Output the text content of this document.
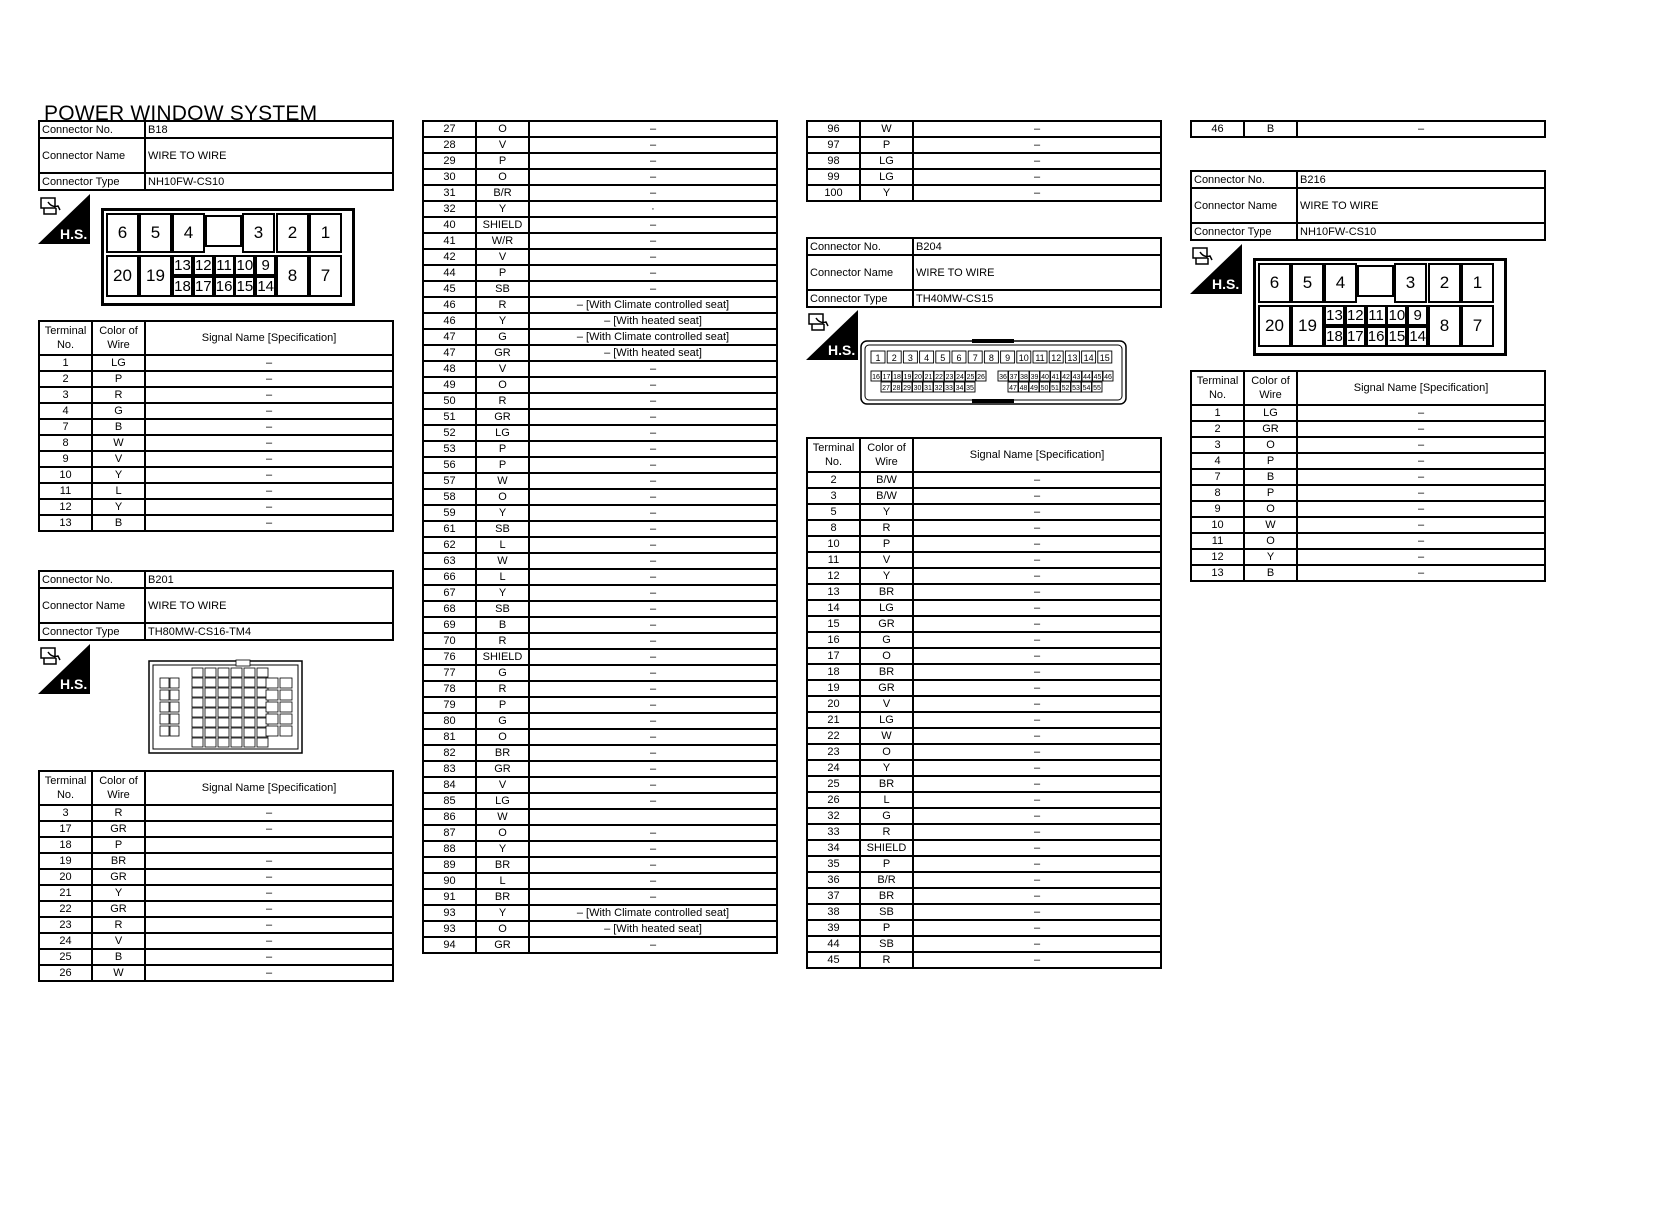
POWER WINDOW SYSTEM
Connector No.	B18
Connector Name	WIRE TO WIRE
Connector Type	NH10FW-CS10
H.S.	6	5	4	3	2	1
20 19	8	7
13
18
12
17
11
16
10
15
9
14
Terminal No.	Color of Wire	Signal Name [Specification]
1	LG	–
2	P	–
3	R	–
4	G	–
7	B	–
8	W	–
9	V	–
10	Y	–
11	L	–
12	Y	–
13	B	–
Connector No.	B201
Connector Name	WIRE TO WIRE
Connector Type	TH80MW-CS16-TM4
H.S.
Terminal No.	Color of Wire	Signal Name [Specification]
3	R	–
17	GR	–
18	P	
19	BR	–
20	GR	–
21	Y	–
22	GR	–
23	R	–
24	V	–
25	B	–
26	W	–
27	O	–
28	V	–
29	P	–
30	O	–
31	B/R	–
32	Y	·
40	SHIELD	–
41	W/R	–
42	V	–
44	P	–
45	SB	–
46	R	– [With Climate controlled seat]
46	Y	– [With heated seat]
47	G	– [With Climate controlled seat]
47	GR	– [With heated seat]
48	V	–
49	O	–
50	R	–
51	GR	–
52	LG	–
53	P	–
56	P	–
57	W	–
58	O	–
59	Y	–
61	SB	–
62	L	–
63	W	–
66	L	–
67	Y	–
68	SB	–
69	B	–
70	R	–
76	SHIELD	–
77	G	–
78	R	–
79	P	–
80	G	–
81	O	–
82	BR	–
83	GR	–
84	V	–
85	LG	–
86	W	
87	O	–
88	Y	–
89	BR	–
90	L	–
91	BR	–
93	Y	– [With Climate controlled seat]
93	O	– [With heated seat]
94	GR	–
96	W	–
97	P	–
98	LG	–
99	LG	–
100	Y	–
Connector No.	B204
Connector Name	WIRE TO WIRE
Connector Type	TH40MW-CS15
H.S. 1 2 3 4 5 6 7 8 9 10 11 12 13 14 15
16 17 18 19 20 21 22 23 24 25 26 36 37 38 39 40 41 42 43 44 45 46
27 28 29 30 31 32 33 34 35	47 48 49 50 51 52 53 54 55
Terminal No.	Color of Wire	Signal Name [Specification]
2	B/W	–
3	B/W	–
5	Y	–
8	R	–
10	P	–
11	V	–
12	Y	–
13	BR	–
14	LG	–
15	GR	–
16	G	–
17	O	–
18	BR	–
19	GR	–
20	V	–
21	LG	–
22	W	–
23	O	–
24	Y	–
25	BR	–
26	L	–
32	G	–
33	R	–
34	SHIELD	–
35	P	–
36	B/R	–
37	BR	–
38	SB	–
39	P	–
44	SB	–
45	R	–
46	B	–
Connector No.	B216
Connector Name	WIRE TO WIRE
Connector Type	NH10FW-CS10
H.S.	6	5	4	3	2	1
20 19	8	7
13
18
12
17
11
16
10
15
9
14
Terminal No.	Color of Wire	Signal Name [Specification]
1	LG	–
2	GR	–
3	O	–
4	P	–
7	B	–
8	P	–
9	O	–
10	W	–
11	O	–
12	Y	–
13	B	–
